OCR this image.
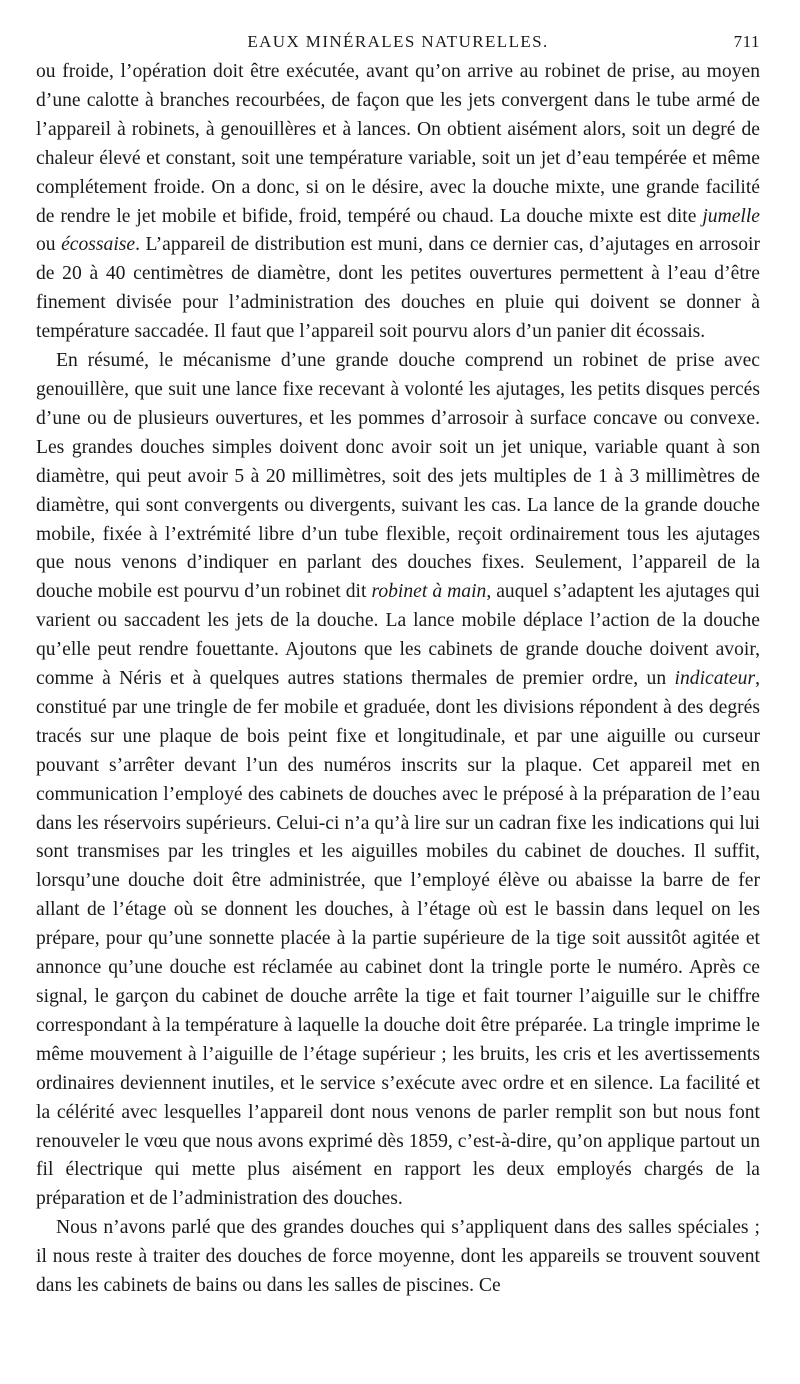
EAUX MINÉRALES NATURELLES.	711

ou froide, l’opération doit être exécutée, avant qu’on arrive au robinet de prise, au moyen d’une calotte à branches recourbées, de façon que les jets convergent dans le tube armé de l’appareil à robinets, à genouillères et à lances. On obtient aisément alors, soit un degré de chaleur élevé et constant, soit une température variable, soit un jet d’eau tempérée et même complétement froide. On a donc, si on le désire, avec la douche mixte, une grande facilité de rendre le jet mobile et bifide, froid, tempéré ou chaud. La douche mixte est dite jumelle ou écossaise. L’appareil de distribution est muni, dans ce dernier cas, d’ajutages en arrosoir de 20 à 40 centimètres de diamètre, dont les petites ouvertures permettent à l’eau d’être finement divisée pour l’administration des douches en pluie qui doivent se donner à température saccadée. Il faut que l’appareil soit pourvu alors d’un panier dit écossais.

En résumé, le mécanisme d’une grande douche comprend un robinet de prise avec genouillère, que suit une lance fixe recevant à volonté les ajutages, les petits disques percés d’une ou de plusieurs ouvertures, et les pommes d’arrosoir à surface concave ou convexe. Les grandes douches simples doivent donc avoir soit un jet unique, variable quant à son diamètre, qui peut avoir 5 à 20 millimètres, soit des jets multiples de 1 à 3 millimètres de diamètre, qui sont convergents ou divergents, suivant les cas. La lance de la grande douche mobile, fixée à l’extrémité libre d’un tube flexible, reçoit ordinairement tous les ajutages que nous venons d’indiquer en parlant des douches fixes. Seulement, l’appareil de la douche mobile est pourvu d’un robinet dit robinet à main, auquel s’adaptent les ajutages qui varient ou saccadent les jets de la douche. La lance mobile déplace l’action de la douche qu’elle peut rendre fouettante. Ajoutons que les cabinets de grande douche doivent avoir, comme à Néris et à quelques autres stations thermales de premier ordre, un indicateur, constitué par une tringle de fer mobile et graduée, dont les divisions répondent à des degrés tracés sur une plaque de bois peint fixe et longitudinale, et par une aiguille ou curseur pouvant s’arrêter devant l’un des numéros inscrits sur la plaque. Cet appareil met en communication l’employé des cabinets de douches avec le préposé à la préparation de l’eau dans les réservoirs supérieurs. Celui-ci n’a qu’à lire sur un cadran fixe les indications qui lui sont transmises par les tringles et les aiguilles mobiles du cabinet de douches. Il suffit, lorsqu’une douche doit être administrée, que l’employé élève ou abaisse la barre de fer allant de l’étage où se donnent les douches, à l’étage où est le bassin dans lequel on les prépare, pour qu’une sonnette placée à la partie supérieure de la tige soit aussitôt agitée et annonce qu’une douche est réclamée au cabinet dont la tringle porte le numéro. Après ce signal, le garçon du cabinet de douche arrête la tige et fait tourner l’aiguille sur le chiffre correspondant à la température à laquelle la douche doit être préparée. La tringle imprime le même mouvement à l’aiguille de l’étage supérieur ; les bruits, les cris et les avertissements ordinaires deviennent inutiles, et le service s’exécute avec ordre et en silence. La facilité et la célérité avec lesquelles l’appareil dont nous venons de parler remplit son but nous font renouveler le vœu que nous avons exprimé dès 1859, c’est-à-dire, qu’on applique partout un fil électrique qui mette plus aisément en rapport les deux employés chargés de la préparation et de l’administration des douches.

Nous n’avons parlé que des grandes douches qui s’appliquent dans des salles spéciales ; il nous reste à traiter des douches de force moyenne, dont les appareils se trouvent souvent dans les cabinets de bains ou dans les salles de piscines. Ce
